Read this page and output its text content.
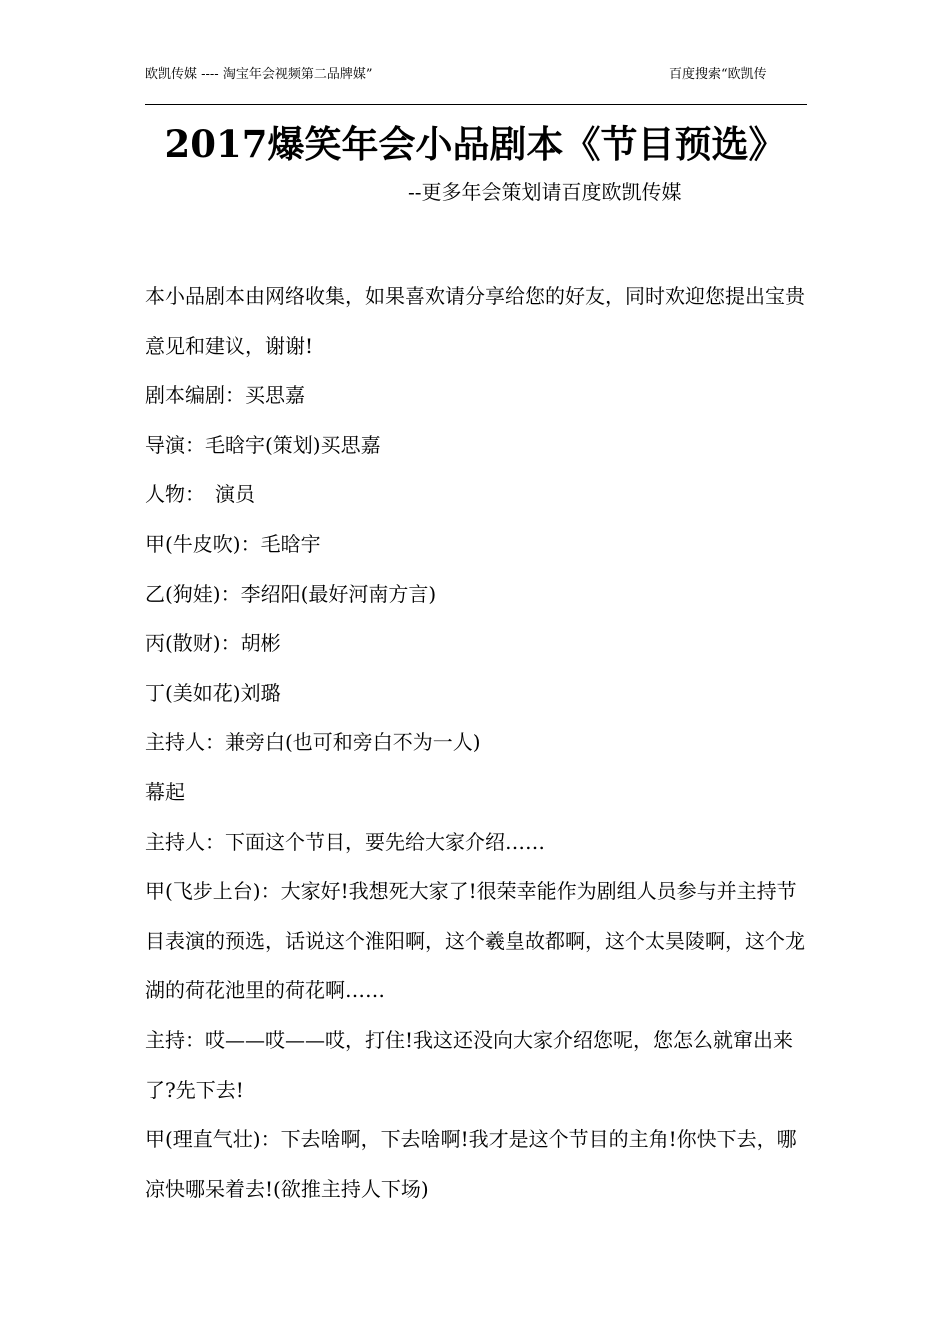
欧凯传媒 ---- 淘宝年会视频第二品牌媒”	百度搜索“欧凯传
2017爆笑年会小品剧本《节目预选》
--更多年会策划请百度欧凯传媒

本小品剧本由网络收集，如果喜欢请分享给您的好友，同时欢迎您提出宝贵意见和建议，谢谢!

剧本编剧：买思嘉

导演：毛晗宇(策划)买思嘉

人物：　演员

甲(牛皮吹)：毛晗宇

乙(狗娃)：李绍阳(最好河南方言)

丙(散财)：胡彬

丁(美如花)刘璐

主持人：兼旁白(也可和旁白不为一人)

幕起

主持人：下面这个节目，要先给大家介绍……

甲(飞步上台)：大家好!我想死大家了!很荣幸能作为剧组人员参与并主持节目表演的预选，话说这个淮阳啊，这个羲皇故都啊，这个太昊陵啊，这个龙湖的荷花池里的荷花啊……

主持：哎——哎——哎，打住!我这还没向大家介绍您呢，您怎么就窜出来了?先下去!

甲(理直气壮)：下去啥啊，下去啥啊!我才是这个节目的主角!你快下去，哪凉快哪呆着去!(欲推主持人下场)
